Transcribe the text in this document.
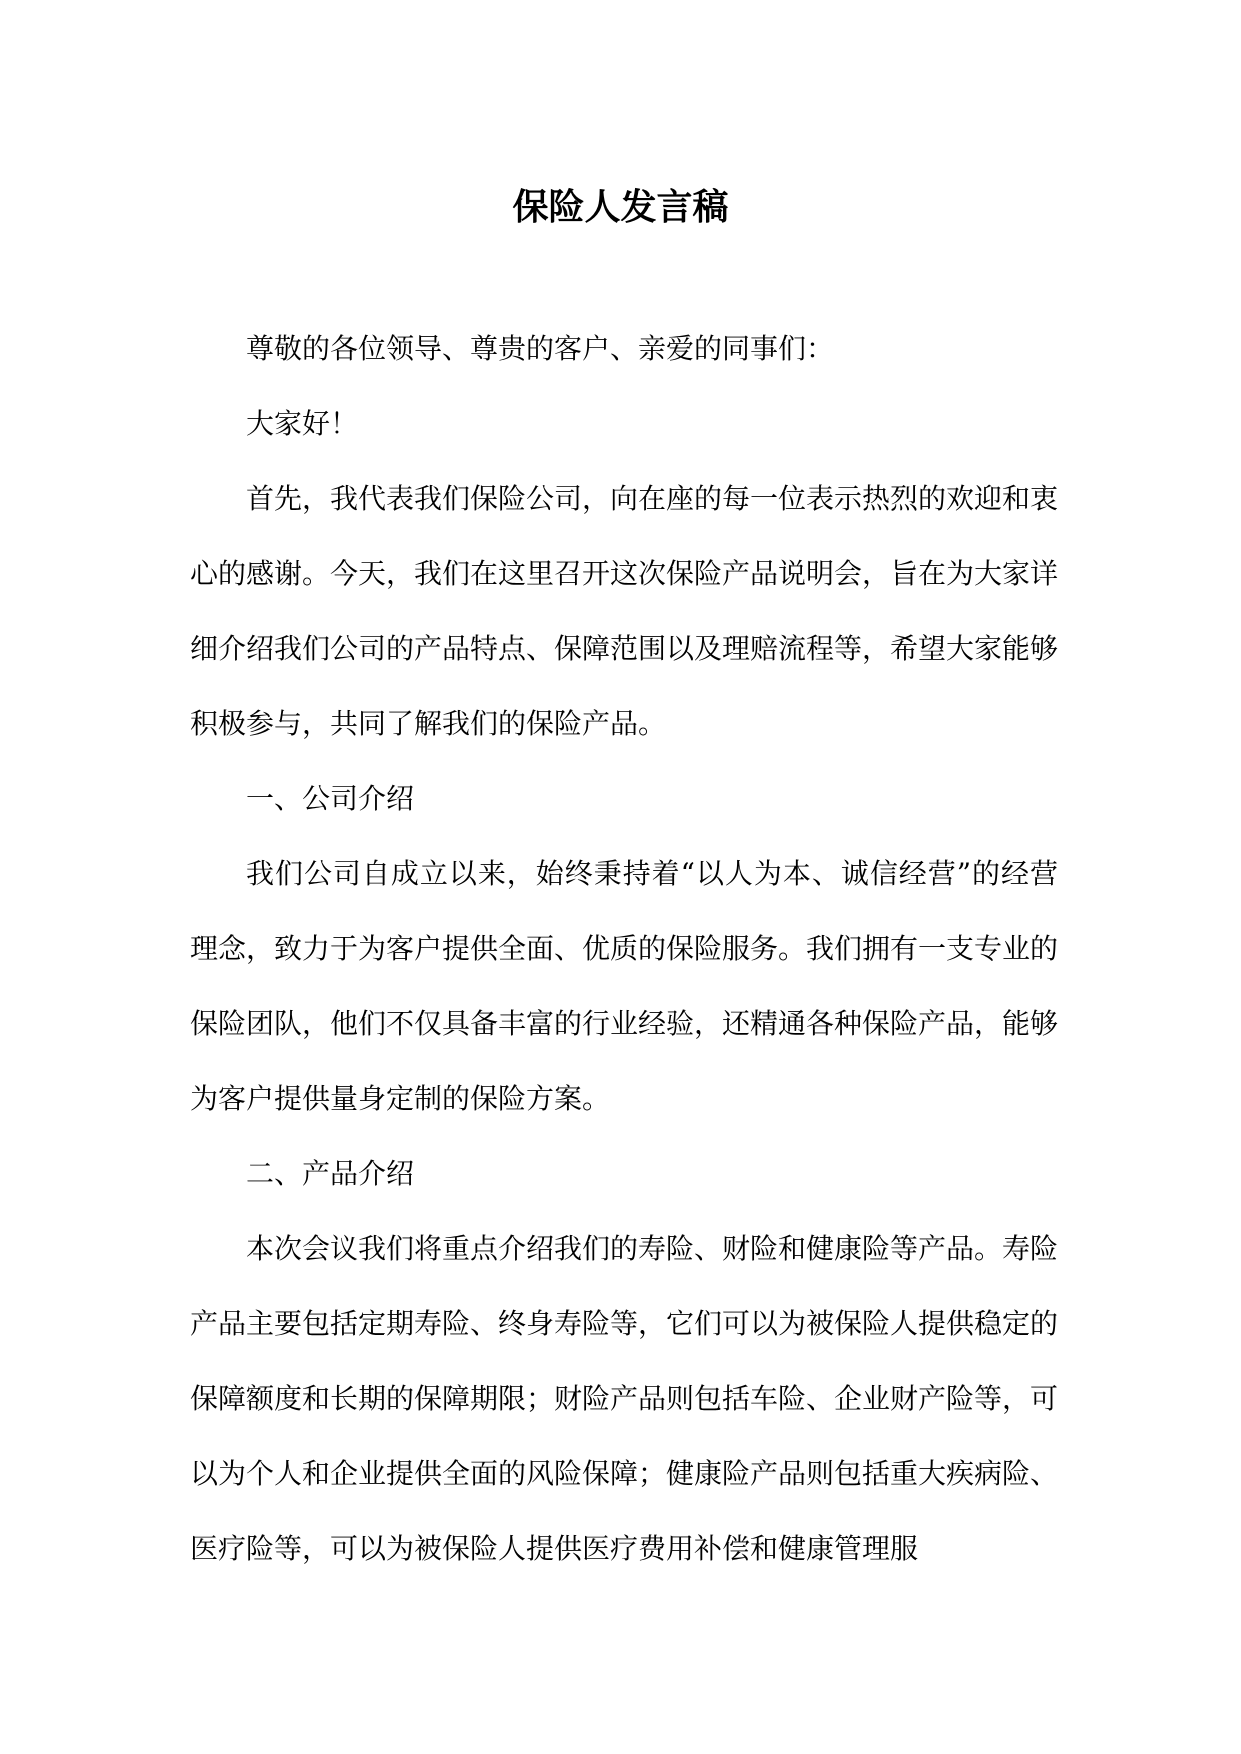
保险人发言稿

尊敬的各位领导、尊贵的客户、亲爱的同事们：

大家好！

首先，我代表我们保险公司，向在座的每一位表示热烈的欢迎和衷心的感谢。今天，我们在这里召开这次保险产品说明会，旨在为大家详细介绍我们公司的产品特点、保障范围以及理赔流程等，希望大家能够积极参与，共同了解我们的保险产品。

一、公司介绍

我们公司自成立以来，始终秉持着“以人为本、诚信经营”的经营理念，致力于为客户提供全面、优质的保险服务。我们拥有一支专业的保险团队，他们不仅具备丰富的行业经验，还精通各种保险产品，能够为客户提供量身定制的保险方案。

二、产品介绍

本次会议我们将重点介绍我们的寿险、财险和健康险等产品。寿险产品主要包括定期寿险、终身寿险等，它们可以为被保险人提供稳定的保障额度和长期的保障期限；财险产品则包括车险、企业财产险等，可以为个人和企业提供全面的风险保障；健康险产品则包括重大疾病险、医疗险等，可以为被保险人提供医疗费用补偿和健康管理服
